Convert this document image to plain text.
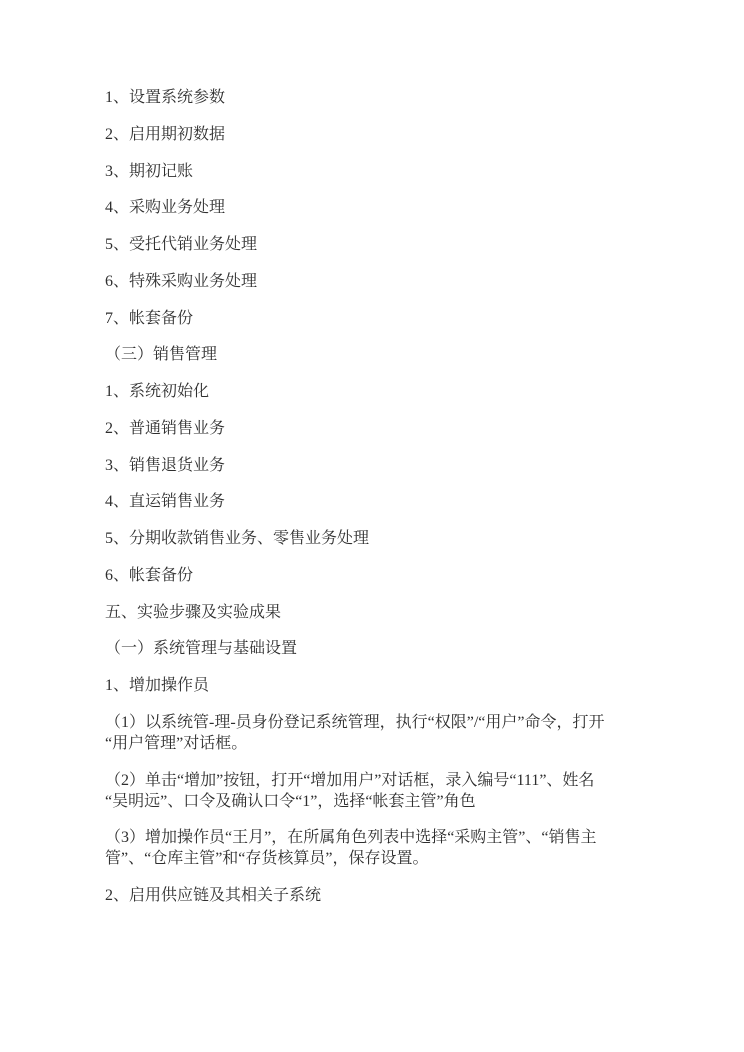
1、设置系统参数

2、启用期初数据

3、期初记账

4、采购业务处理

5、受托代销业务处理

6、特殊采购业务处理

7、帐套备份

（三）销售管理

1、系统初始化

2、普通销售业务

3、销售退货业务

4、直运销售业务

5、分期收款销售业务、零售业务处理

6、帐套备份

五、实验步骤及实验成果

（一）系统管理与基础设置

1、增加操作员

（1）以系统管-理-员身份登记系统管理，执行“权限”/“用户”命令，打开
“用户管理”对话框。

（2）单击“增加”按钮，打开“增加用户”对话框，录入编号“111”、姓名
“吴明远”、口令及确认口令“1”，选择“帐套主管”角色

（3）增加操作员“王月”，在所属角色列表中选择“采购主管”、“销售主
管”、“仓库主管”和“存货核算员”，保存设置。

2、启用供应链及其相关子系统
